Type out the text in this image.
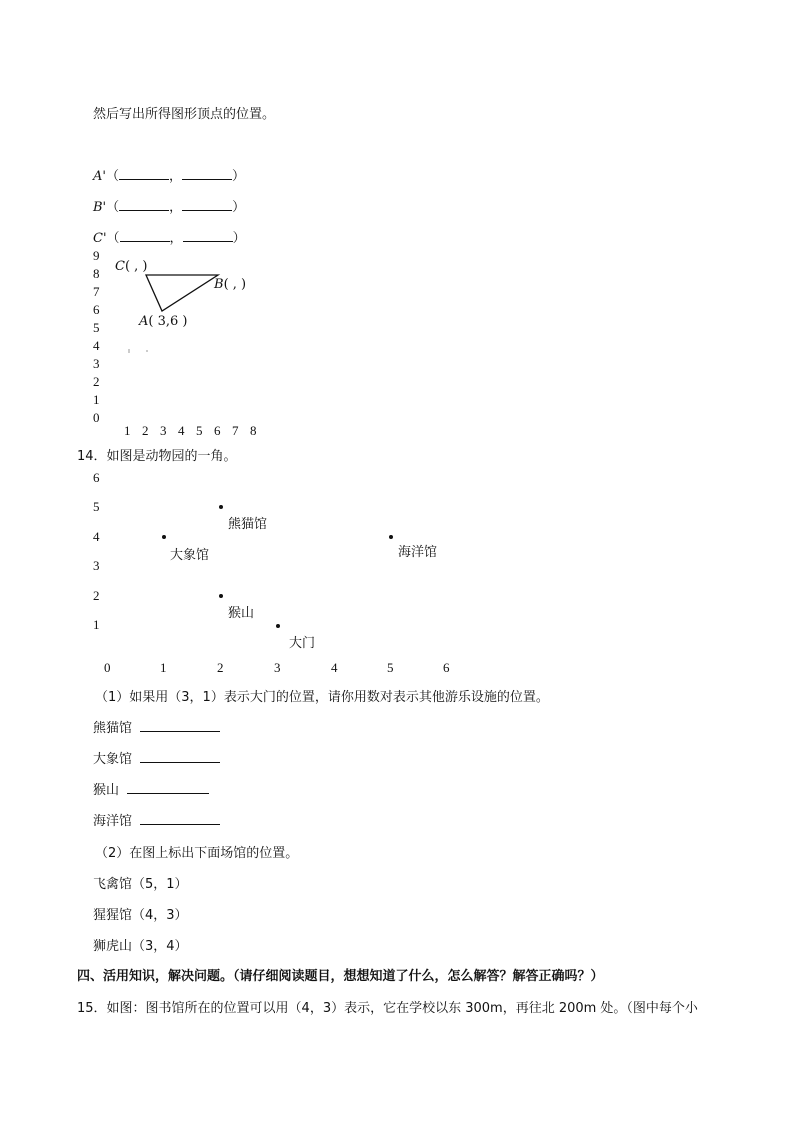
然后写出所得图形顶点的位置。
A'（	，	）
B'（	，	）
C'（	，	）
9
8
7
6
5
4
3
2
1
0
1 2 3 4 5 6 7 8
C( , )
B( , )
A( 3,6 )
14．如图是动物园的一角。
6
5
4
3
2
1
0	1	2	3	4	5	6
熊猫馆
大象馆	海洋馆
猴山
大门
（1）如果用（3，1）表示大门的位置，请你用数对表示其他游乐设施的位置。
熊猫馆
大象馆
猴山
海洋馆
（2）在图上标出下面场馆的位置。
飞禽馆（5，1）
猩猩馆（4，3）
狮虎山（3，4）
四、活用知识，解决问题。（请仔细阅读题目，想想知道了什么，怎么解答？解答正确吗？）
15．如图：图书馆所在的位置可以用（4，3）表示，它在学校以东 300m，再往北 200m 处。（图中每个小
